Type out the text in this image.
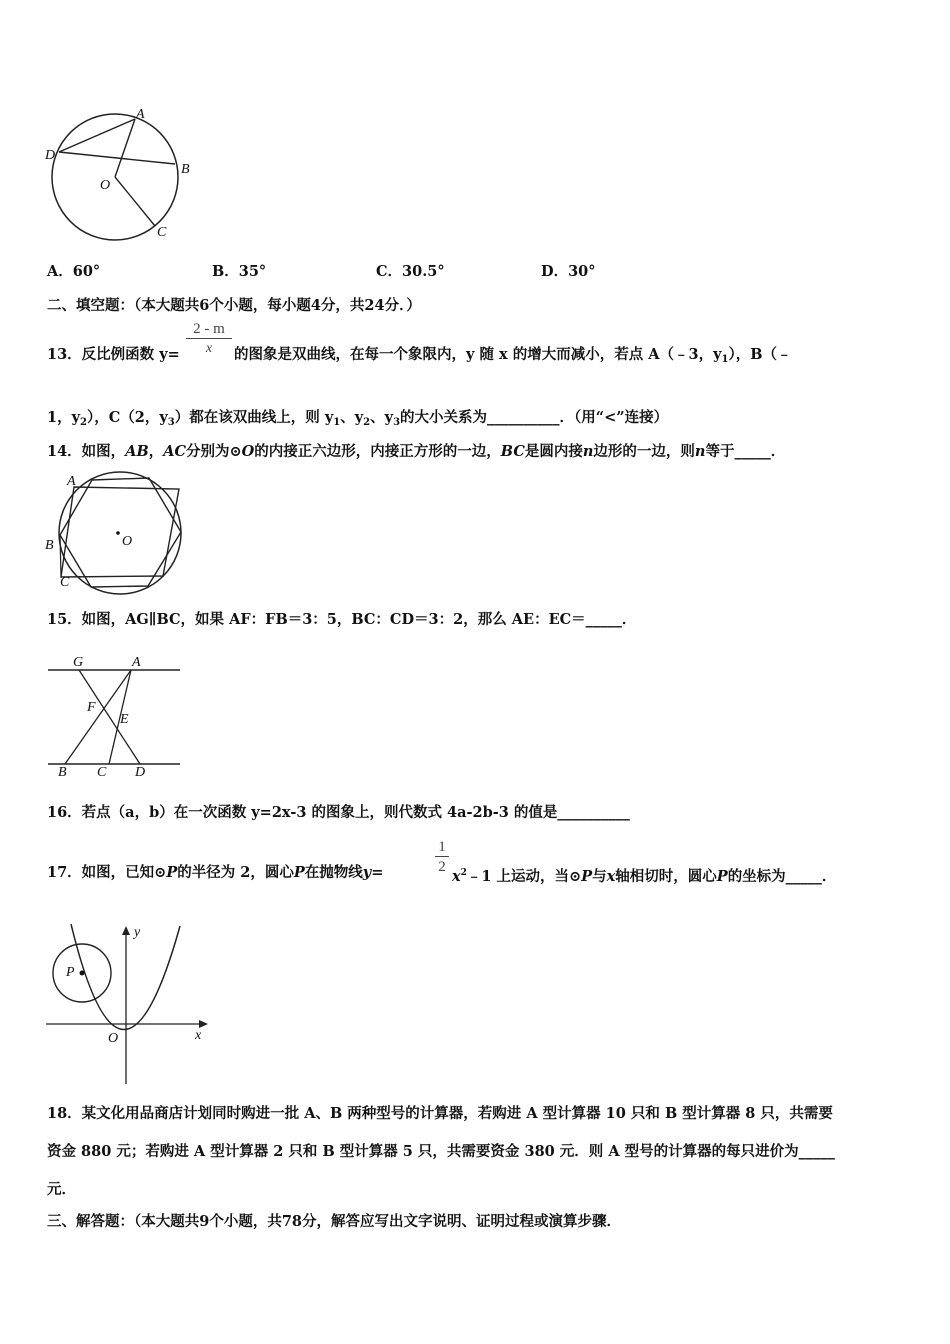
A
D
B
O
C
A．60°	B．35°	C．30.5°	D．30°
二、填空题：（本大题共6个小题，每小题4分，共24分．）
$\frac{2 - m}{x}$
13．反比例函数 y=	的图象是双曲线，在每一个象限内，y 随 x 的增大而减小，若点 A（﹣3，$y_1$），B（﹣
1，$y_2$），C（2，$y_3$）都在该双曲线上，则 $y_1$、$y_2$、$y_3$的大小关系为__________．（用“<”连接）
14．如图，AB，AC分别为⊙O的内接正六边形，内接正方形的一边，BC是圆内接n边形的一边，则n等于_____．
A
B
C
O
15．如图，AG∥BC，如果 AF：FB＝3：5，BC：CD＝3：2，那么 AE：EC＝_____．
G	A
F
E
B C D
16．若点（a，b）在一次函数 y=2x-3 的图象上，则代数式 4a-2b-3 的值是__________
$\frac{1}{2}$
17．如图，已知⊙P的半径为 2，圆心P在抛物线y=	$x^2﹣1$ 上运动，当⊙P与x轴相切时，圆心P的坐标为_____．
y
x
O
P
18．某文化用品商店计划同时购进一批 A、B 两种型号的计算器，若购进 A 型计算器 10 只和 B 型计算器 8 只，共需要
资金 880 元；若购进 A 型计算器 2 只和 B 型计算器 5 只，共需要资金 380 元．则 A 型号的计算器的每只进价为_____
元．
三、解答题：（本大题共9个小题，共78分，解答应写出文字说明、证明过程或演算步骤．
